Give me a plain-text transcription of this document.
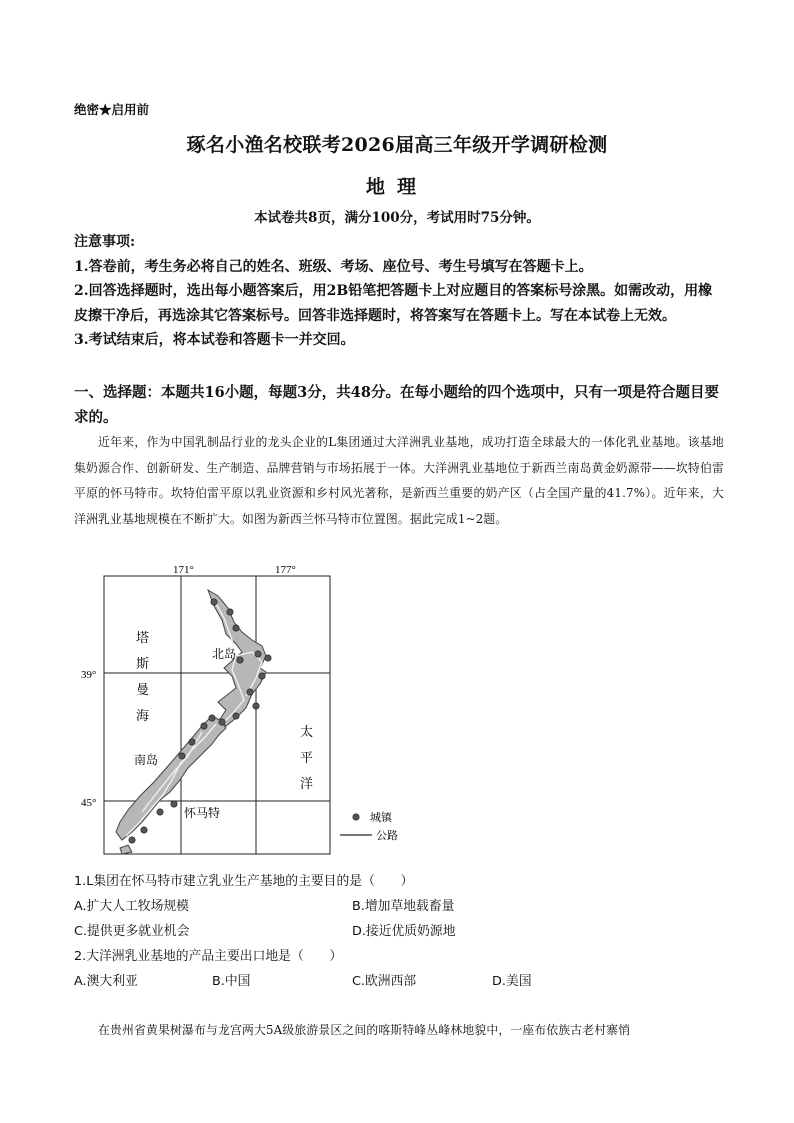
绝密★启用前
琢名小渔名校联考2026届高三年级开学调研检测
地理
本试卷共8页，满分100分，考试用时75分钟。

注意事项:

1.答卷前，考生务必将自己的姓名、班级、考场、座位号、考生号填写在答题卡上。

2.回答选择题时，选出每小题答案后，用2B铅笔把答题卡上对应题目的答案标号涂黑。如需改动，用橡皮擦干净后，再选涂其它答案标号。回答非选择题时，将答案写在答题卡上。写在本试卷上无效。

3.考试结束后，将本试卷和答题卡一并交回。

一、选择题：本题共16小题，每题3分，共48分。在每小题给的四个选项中，只有一项是符合题目要求的。
近年来，作为中国乳制品行业的龙头企业的L集团通过大洋洲乳业基地，成功打造全球最大的一体化乳业基地。该基地集奶源合作、创新研发、生产制造、品牌营销与市场拓展于一体。大洋洲乳业基地位于新西兰南岛黄金奶源带——坎特伯雷平原的怀马特市。坎特伯雷平原以乳业资源和乡村风光著称，是新西兰重要的奶产区（占全国产量的41.7%）。近年来，大洋洲乳业基地规模在不断扩大。如图为新西兰怀马特市位置图。据此完成1~2题。
171°	177°
39°
45°
塔
斯
曼
海
北岛
南岛
太
平
洋
怀马特	城镇
公路
1.L集团在怀马特市建立乳业生产基地的主要目的是（　　）
A.扩大人工牧场规模	B.增加草地载畜量
C.提供更多就业机会	D.接近优质奶源地
2.大洋洲乳业基地的产品主要出口地是（　　）
A.澳大利亚	B.中国	C.欧洲西部	D.美国
在贵州省黄果树瀑布与龙宫两大5A级旅游景区之间的喀斯特峰丛峰林地貌中，一座布依族古老村寨悄
